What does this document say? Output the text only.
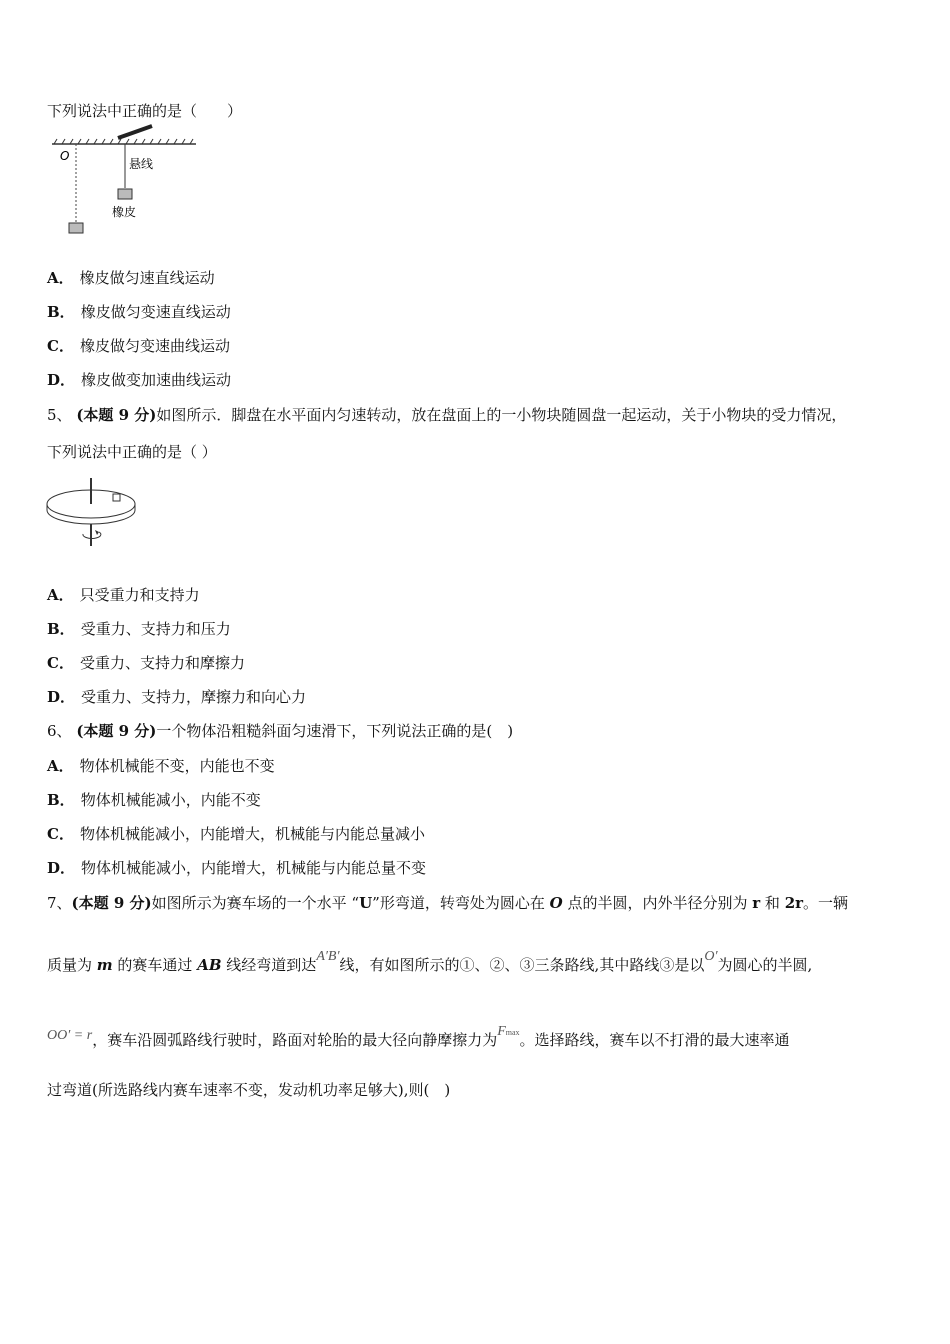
下列说法中正确的是（　　）
O
悬线
橡皮
A． 橡皮做匀速直线运动
B． 橡皮做匀变速直线运动
C． 橡皮做匀变速曲线运动
D． 橡皮做变加速曲线运动
5、 (本题 9 分)如图所示．脚盘在水平面内匀速转动，放在盘面上的一小物块随圆盘一起运动，关于小物块的受力情况，
下列说法中正确的是（ ）
A． 只受重力和支持力
B． 受重力、支持力和压力
C． 受重力、支持力和摩擦力
D． 受重力、支持力，摩擦力和向心力
6、 (本题 9 分)一个物体沿粗糙斜面匀速滑下，下列说法正确的是(　)
A． 物体机械能不变，内能也不变
B． 物体机械能减小，内能不变
C． 物体机械能减小，内能增大，机械能与内能总量减小
D． 物体机械能减小，内能增大，机械能与内能总量不变
7、(本题 9 分)如图所示为赛车场的一个水平 “U”形弯道，转弯处为圆心在 O 点的半圆，内外半径分别为 r 和 2r。一辆
质量为 m 的赛车通过 AB 线经弯道到达A′B′线，有如图所示的①、②、③三条路线,其中路线③是以O′为圆心的半圆,
OO′ = r，赛车沿圆弧路线行驶时，路面对轮胎的最大径向静摩擦力为Fmax。选择路线，赛车以不打滑的最大速率通
过弯道(所选路线内赛车速率不变，发动机功率足够大),则(　)
